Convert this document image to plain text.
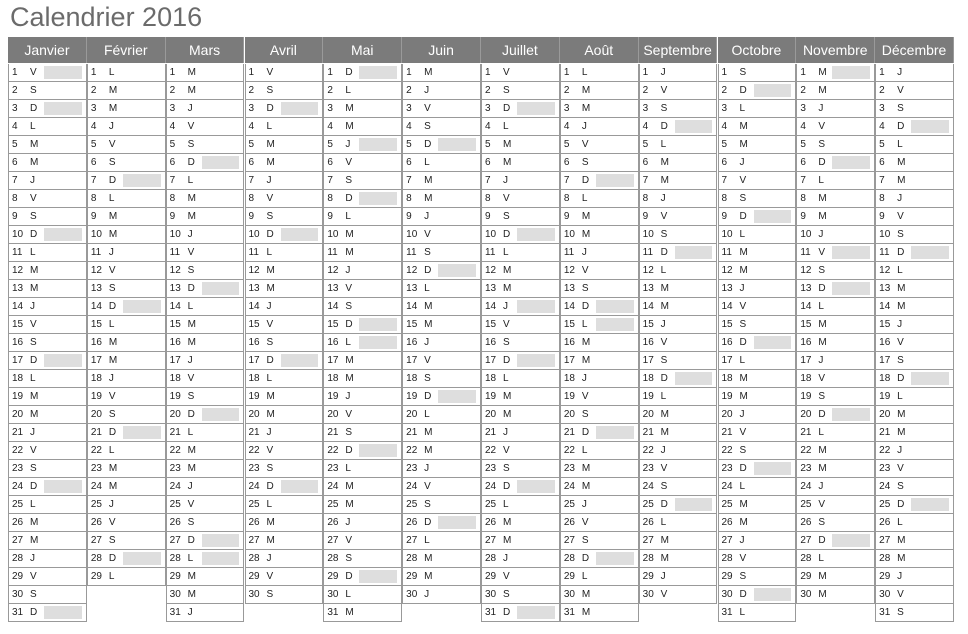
Calendrier 2016
Janvier
1 V
2 S
3 D
4 L
5 M
6 M
7 J
8 V
9 S
10 D
11 L
12 M
13 M
14 J
15 V
16 S
17 D
18 L
19 M
20 M
21 J
22 V
23 S
24 D
25 L
26 M
27 M
28 J
29 V
30 S
31 D
Février
1 L
2 M
3 M
4 J
5 V
6 S
7 D
8 L
9 M
10 M
11 J
12 V
13 S
14 D
15 L
16 M
17 M
18 J
19 V
20 S
21 D
22 L
23 M
24 M
25 J
26 V
27 S
28 D
29 L
Mars
1 M
2 M
3 J
4 V
5 S
6 D
7 L
8 M
9 M
10 J
11 V
12 S
13 D
14 L
15 M
16 M
17 J
18 V
19 S
20 D
21 L
22 M
23 M
24 J
25 V
26 S
27 D
28 L
29 M
30 M
31 J
Avril
1 V
2 S
3 D
4 L
5 M
6 M
7 J
8 V
9 S
10 D
11 L
12 M
13 M
14 J
15 V
16 S
17 D
18 L
19 M
20 M
21 J
22 V
23 S
24 D
25 L
26 M
27 M
28 J
29 V
30 S
Mai
1 D
2 L
3 M
4 M
5 J
6 V
7 S
8 D
9 L
10 M
11 M
12 J
13 V
14 S
15 D
16 L
17 M
18 M
19 J
20 V
21 S
22 D
23 L
24 M
25 M
26 J
27 V
28 S
29 D
30 L
31 M
Juin
1 M
2 J
3 V
4 S
5 D
6 L
7 M
8 M
9 J
10 V
11 S
12 D
13 L
14 M
15 M
16 J
17 V
18 S
19 D
20 L
21 M
22 M
23 J
24 V
25 S
26 D
27 L
28 M
29 M
30 J
Juillet
1 V
2 S
3 D
4 L
5 M
6 M
7 J
8 V
9 S
10 D
11 L
12 M
13 M
14 J
15 V
16 S
17 D
18 L
19 M
20 M
21 J
22 V
23 S
24 D
25 L
26 M
27 M
28 J
29 V
30 S
31 D
Août
1 L
2 M
3 M
4 J
5 V
6 S
7 D
8 L
9 M
10 M
11 J
12 V
13 S
14 D
15 L
16 M
17 M
18 J
19 V
20 S
21 D
22 L
23 M
24 M
25 J
26 V
27 S
28 D
29 L
30 M
31 M
Septembre
1 J
2 V
3 S
4 D
5 L
6 M
7 M
8 J
9 V
10 S
11 D
12 L
13 M
14 M
15 J
16 V
17 S
18 D
19 L
20 M
21 M
22 J
23 V
24 S
25 D
26 L
27 M
28 M
29 J
30 V
Octobre
1 S
2 D
3 L
4 M
5 M
6 J
7 V
8 S
9 D
10 L
11 M
12 M
13 J
14 V
15 S
16 D
17 L
18 M
19 M
20 J
21 V
22 S
23 D
24 L
25 M
26 M
27 J
28 V
29 S
30 D
31 L
Novembre
1 M
2 M
3 J
4 V
5 S
6 D
7 L
8 M
9 M
10 J
11 V
12 S
13 D
14 L
15 M
16 M
17 J
18 V
19 S
20 D
21 L
22 M
23 M
24 J
25 V
26 S
27 D
28 L
29 M
30 M
Décembre
1 J
2 V
3 S
4 D
5 L
6 M
7 M
8 J
9 V
10 S
11 D
12 L
13 M
14 M
15 J
16 V
17 S
18 D
19 L
20 M
21 M
22 J
23 V
24 S
25 D
26 L
27 M
28 M
29 J
30 V
31 S
